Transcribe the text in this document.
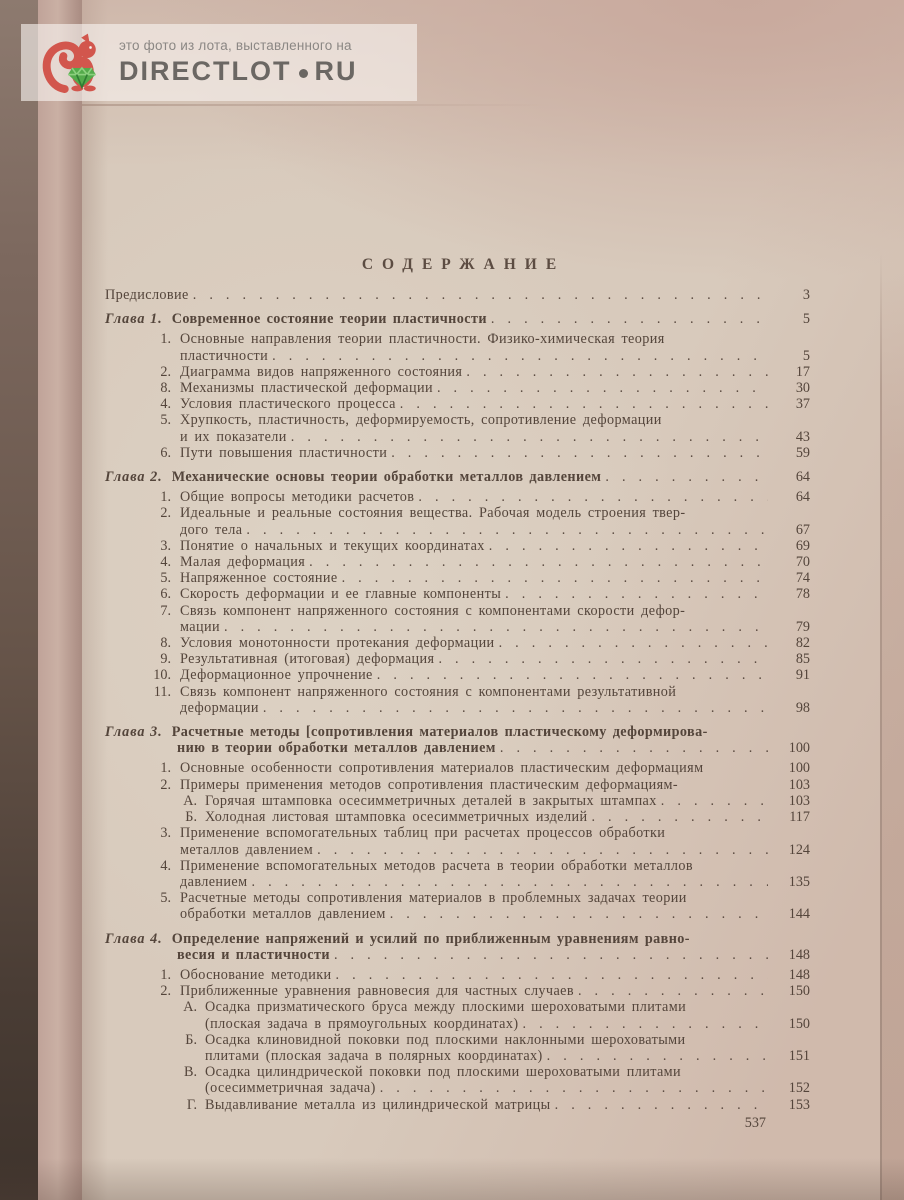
СОДЕРЖАНИЕ
Предисловие . . .	3
Глава 1. Современное состояние теории пластичности . . .	5
1. Основные направления теории пластичности. Физико-химическая теория
пластичности . . .	5
2. Диаграмма видов напряженного состояния . . .	17
8. Механизмы пластической деформации . . .	30
4. Условия пластического процесса . . .	37
5. Хрупкость, пластичность, деформируемость, сопротивление деформации
и их показатели . . .	43
6. Пути повышения пластичности . . .	59
Глава 2. Механические основы теории обработки металлов давлением . . .	64
1. Общие вопросы методики расчетов . . .	64
2. Идеальные и реальные состояния вещества. Рабочая модель строения твер-
дого тела . . .	67
3. Понятие о начальных и текущих координатах . . .	69
4. Малая деформация . . .	70
5. Напряженное состояние . . .	74
6. Скорость деформации и ее главные компоненты . . .	78
7. Связь компонент напряженного состояния с компонентами скорости дефор-
мации . . .	79
8. Условия монотонности протекания деформации . . .	82
9. Результативная (итоговая) деформация . . .	85
10. Деформационное упрочнение . . .	91
11. Связь компонент напряженного состояния с компонентами результативной
деформации . . .	98
Глава 3. Расчетные методы [сопротивления материалов пластическому деформирова-
нию в теории обработки металлов давлением . . .	100
1. Основные особенности сопротивления материалов пластическим деформациям	100
2. Примеры применения методов сопротивления пластическим деформациям-	103
А. Горячая штамповка осесимметричных деталей в закрытых штампах . . .	103
Б. Холодная листовая штамповка осесимметричных изделий . . .	117
3. Применение вспомогательных таблиц при расчетах процессов обработки
металлов давлением . . .	124
4. Применение вспомогательных методов расчета в теории обработки металлов
давлением . . .	135
5. Расчетные методы сопротивления материалов в проблемных задачах теории
обработки металлов давлением . . .	144
Глава 4. Определение напряжений и усилий по приближенным уравнениям равно-
весия и пластичности . . .	148
1. Обоснование методики . . .	148
2. Приближенные уравнения равновесия для частных случаев . . .	150
А. Осадка призматического бруса между плоскими шероховатыми плитами
(плоская задача в прямоугольных координатах) . . .	150
Б. Осадка клиновидной поковки под плоскими наклонными шероховатыми
плитами (плоская задача в полярных координатах) . . .	151
В. Осадка цилиндрической поковки под плоскими шероховатыми плитами
(осесимметричная задача) . . .	152
Г. Выдавливание металла из цилиндрической матрицы . . .	153
537
это фото из лота, выставленного на
DIRECTLOT RU
